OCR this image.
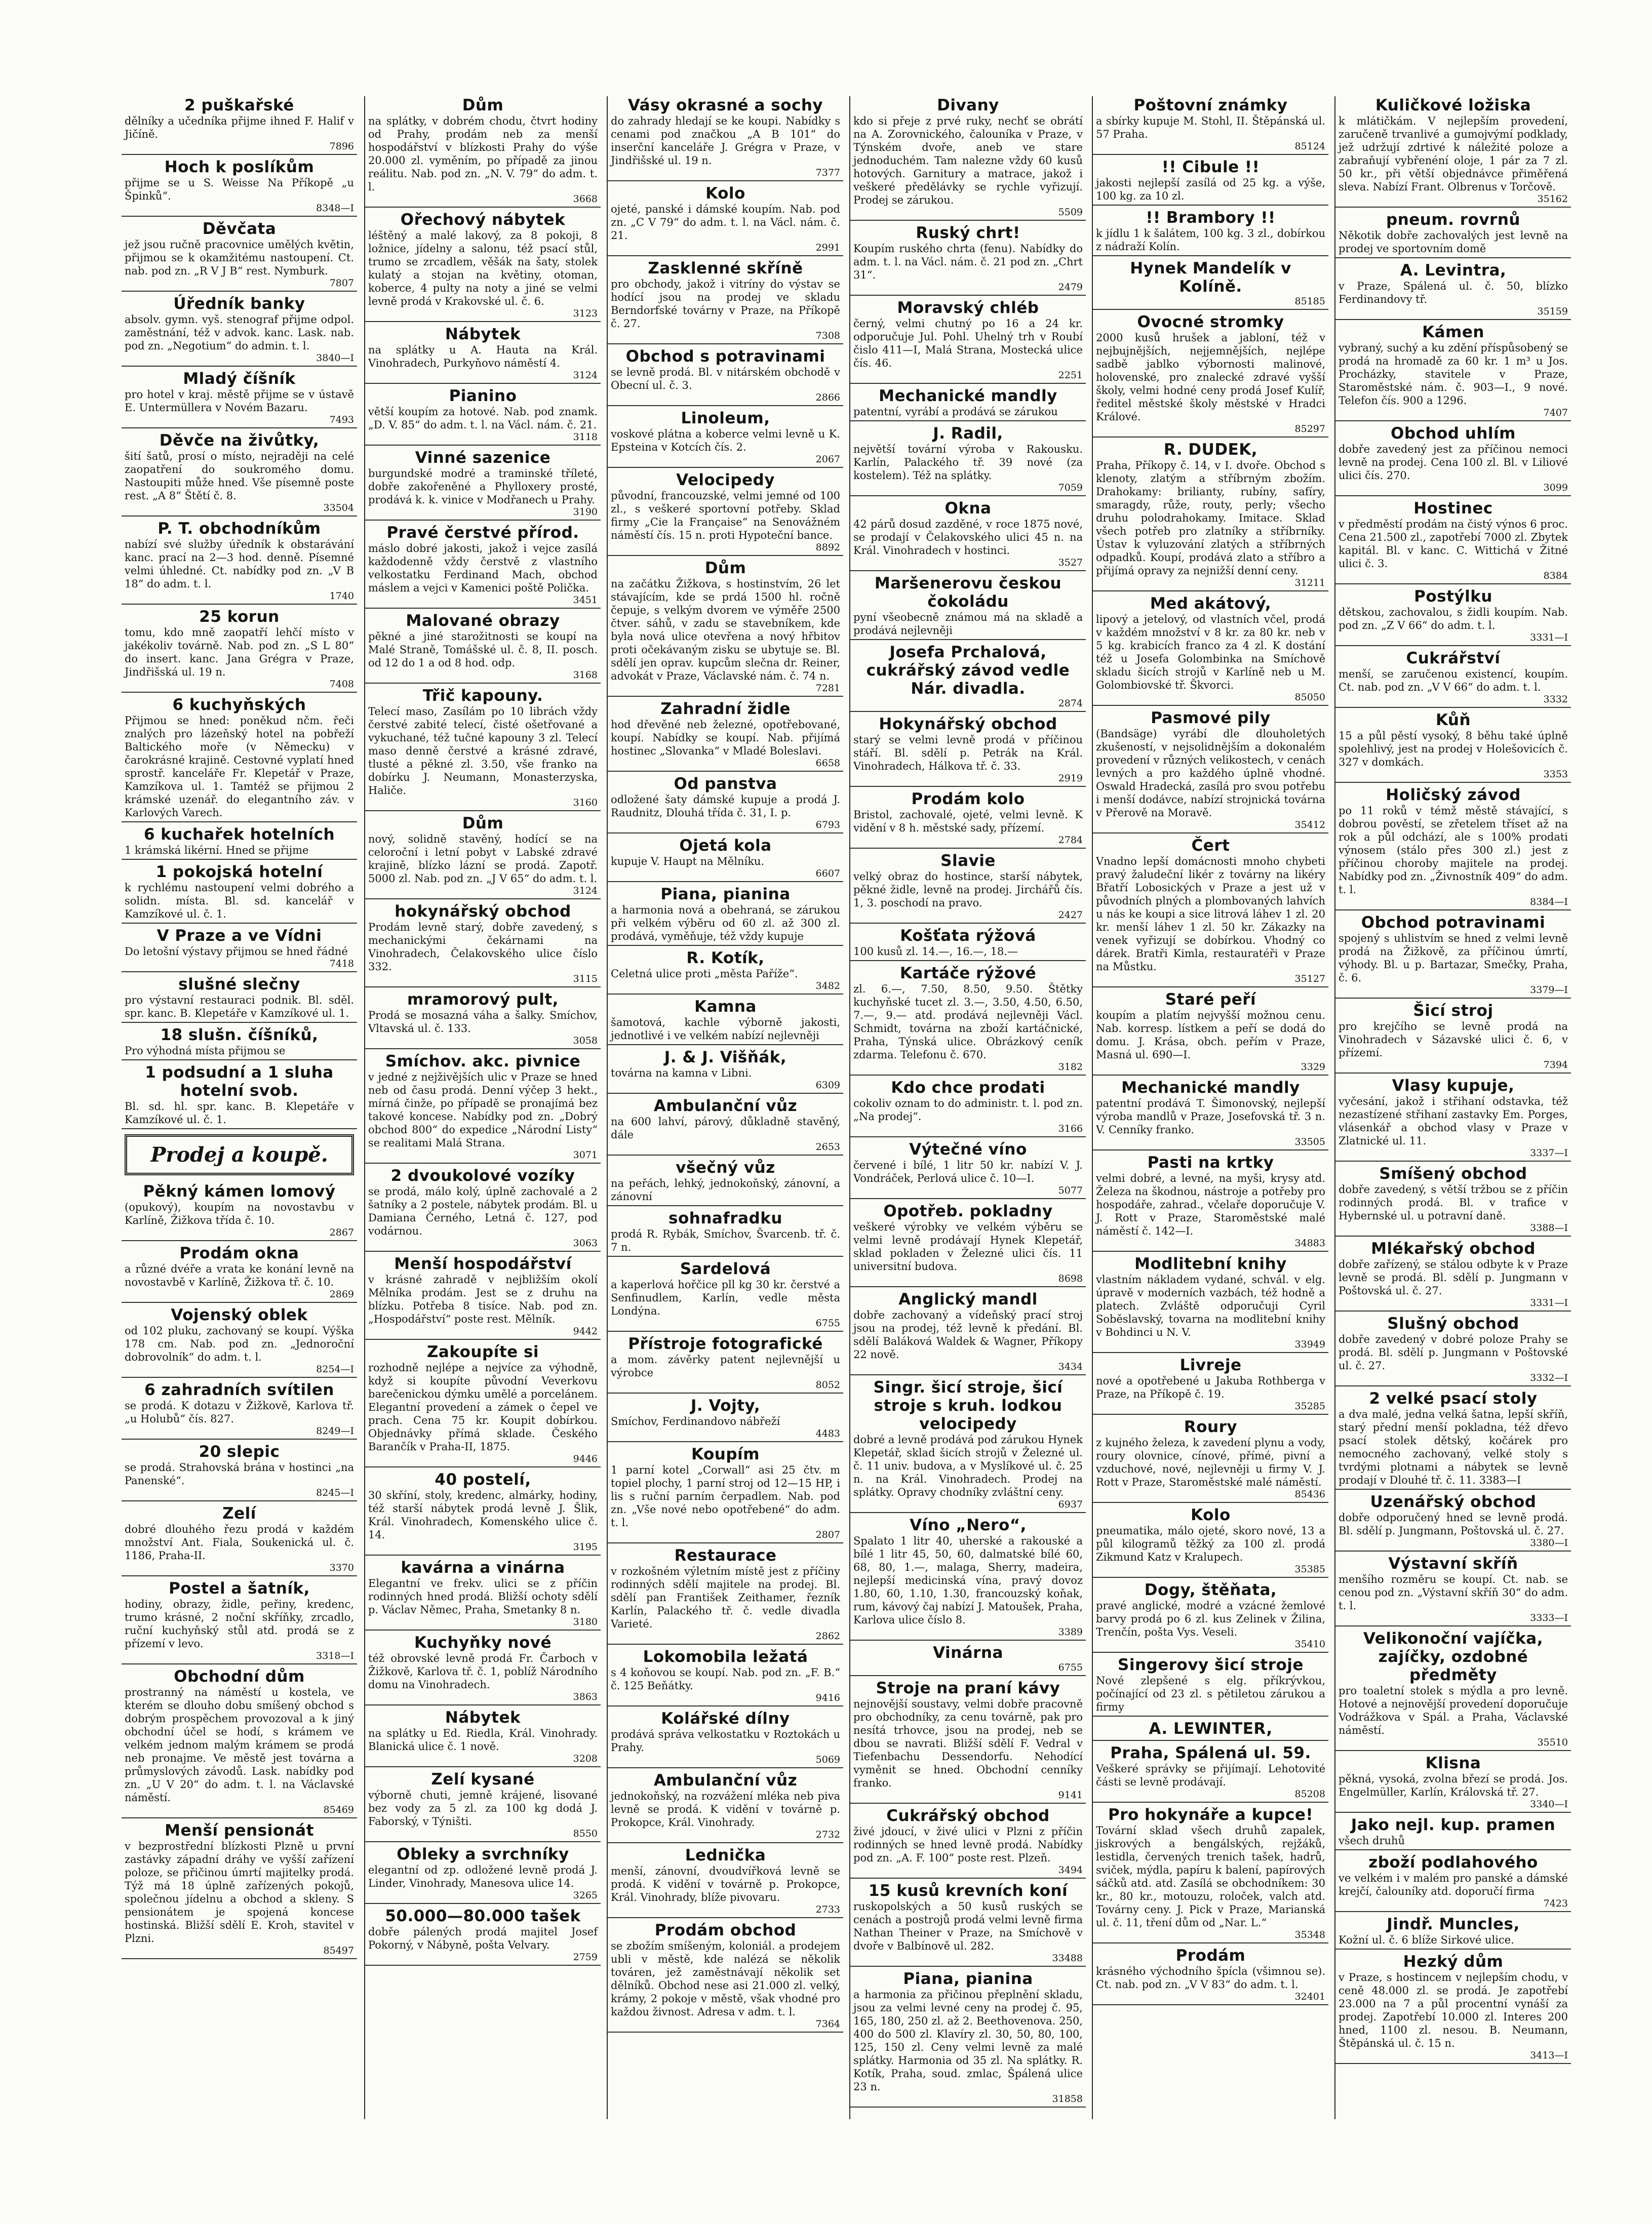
2 puškařské
dělníky a učedníka přijme ihned F. Halif v Jičíně.
7896
Hoch k poslíkům
přijme se u S. Weisse Na Příkopě „u Špinků“.
8348—I
Děvčata
jež jsou ručně pracovnice umělých květin, přijmou se k okamžitému nastoupení. Ct. nab. pod zn. „R V J B“ rest. Nymburk.
7807
Úředník banky
absolv. gymn. vyš. stenograf přijme odpol. zaměstnání, též v advok. kanc. Lask. nab. pod zn. „Negotium“ do admin. t. l.
3840—I
Mladý číšník
pro hotel v kraj. městě přijme se v ústavě E. Untermüllera v Novém Bazaru.
7493
Děvče na živůtky,
šití šatů, prosí o místo, nejraději na celé zaopatření do soukromého domu. Nastoupiti může hned. Vše písemně poste rest. „A 8“ Štětí č. 8.
33504
P. T. obchodníkům
nabízí své služby úředník k obstarávání kanc. prací na 2—3 hod. denně. Písemné velmi úhledné. Ct. nabídky pod zn. „V B 18“ do adm. t. l.
1740
25 korun
tomu, kdo mně zaopatří lehčí místo v jakékoliv továrně. Nab. pod zn. „S L 80“ do insert. kanc. Jana Grégra v Praze, Jindřišská ul. 19 n.
7408
6 kuchyňských
Přijmou se hned: poněkud nčm. řeči znalých pro lázeňský hotel na pobřeží Baltického moře (v Německu) v čarokrásné krajině. Cestovné vyplatí hned sprostř. kanceláře Fr. Klepetář v Praze, Kamzíkova ul. 1. Tamtéž se přijmou 2 krámské uzenář. do elegantního záv. v Karlových Varech.
6 kuchařek hotelních
1 krámská likérní. Hned se přijme
1 pokojská hotelní
k rychlému nastoupení velmi dobrého a solidn. místa. Bl. sd. kancelář v Kamzíkové ul. č. 1.
V Praze a ve Vídni
Do letošní výstavy přijmou se hned řádné
7418
slušné slečny
pro výstavní restauraci podnik. Bl. sděl. spr. kanc. B. Klepetáře v Kamzíkové ul. 1.
18 slušn. číšníků,
Pro výhodná místa přijmou se
1 podsudní a 1 sluha hotelní svob.
Bl. sd. hl. spr. kanc. B. Klepetáře v Kamzíkové ul. č. 1.
Prodej a koupě.
Pěkný kámen lomový
(opukový), koupím na novostavbu v Karlíně, Žižkova třída č. 10.
2867
Prodám okna
a různé dvéře a vrata ke konání levně na novostavbě v Karlíně, Žižkova tř. č. 10.
2869
Vojenský oblek
od 102 pluku, zachovaný se koupí. Výška 178 cm. Nab. pod zn. „Jednoroční dobrovolník“ do adm. t. l.
8254—I
6 zahradních svítilen
se prodá. K dotazu v Žižkově, Karlova tř. „u Holubů“ čís. 827.
8249—I
20 slepic
se prodá. Strahovská brána v hostinci „na Panenské“.
8245—I
Zelí
dobré dlouhého řezu prodá v každém množství Ant. Fiala, Soukenická ul. č. 1186, Praha-II.
3370
Postel a šatník,
hodiny, obrazy, židle, peřiny, kredenc, trumo krásné, 2 noční skříňky, zrcadlo, ruční kuchyňský stůl atd. prodá se z přízemí v levo.
3318—I
Obchodní dům
prostranný na náměstí u kostela, ve kterém se dlouho dobu smíšený obchod s dobrým prospěchem provozoval a k jiný obchodní účel se hodí, s krámem ve velkém jednom malým krámem se prodá neb pronajme. Ve městě jest továrna a průmyslových závodů. Lask. nabídky pod zn. „U V 20“ do adm. t. l. na Václavské náměstí.
85469
Menší pensionát
v bezprostřední blízkosti Plzně u první zastávky západní dráhy ve vyšší zařízení poloze, se přičinou úmrtí majitelky prodá. Týž má 18 úplně zařízených pokojů, společnou jídelnu a obchod a skleny. S pensionátem je spojená koncese hostinská. Bližší sdělí E. Kroh, stavitel v Plzni.
85497
Dům
na splátky, v dobrém chodu, čtvrt hodiny od Prahy, prodám neb za menší hospodářství v blízkosti Prahy do výše 20.000 zl. vyměním, po případě za jinou reálitu. Nab. pod zn. „N. V. 79“ do adm. t. l.
3668
Ořechový nábytek
léštěný a malé lakový, za 8 pokoji, 8 ložnice, jídelny a salonu, též psací stůl, trumo se zrcadlem, věšák na šaty, stolek kulatý a stojan na květiny, otoman, koberce, 4 pulty na noty a jiné se velmi levně prodá v Krakovské ul. č. 6.
3123
Nábytek
na splátky u A. Hauta na Král. Vinohradech, Purkyňovo náměstí 4.
3124
Pianino
větší koupím za hotové. Nab. pod znamk. „D. V. 85“ do adm. t. l. na Václ. nám. č. 21.
3118
Vinné sazenice
burgundské modré a traminské tříleté, dobře zakořeněné a Phylloxery prosté, prodává k. k. vinice v Modřanech u Prahy.
3190
Pravé čerstvé přírod.
máslo dobré jakosti, jakož i vejce zasílá každodenně vždy čerstvě z vlastního velkostatku Ferdinand Mach, obchod máslem a vejci v Kamenici poště Polička.
3451
Malované obrazy
pěkné a jiné starožitnosti se koupí na Malé Straně, Tomášské ul. č. 8, II. posch. od 12 do 1 a od 8 hod. odp.
3168
Třič kapouny.
Telecí maso, Zasílám po 10 librách vždy čerstvé zabité telecí, čisté ošetřované a vykuchané, též tučné kapouny 3 zl. Telecí maso denně čerstvé a krásné zdravé, tlusté a pěkné zl. 3.50, vše franko na dobírku J. Neumann, Monasterzyska, Haliče.
3160
Dům
nový, solidně stavěný, hodící se na celoroční i letní pobyt v Labské zdravé krajině, blízko lázní se prodá. Zapotř. 5000 zl. Nab. pod zn. „J V 65“ do adm. t. l.
3124
hokynářský obchod
Prodám levně starý, dobře zavedený, s mechanickými čekárnami na Vinohradech, Čelakovského ulice číslo 332.
3115
mramorový pult,
Prodá se mosazná váha a šalky. Smíchov, Vltavská ul. č. 133.
3058
Smíchov. akc. pivnice
v jedné z nejživějších ulic v Praze se hned neb od času prodá. Denní výčep 3 hekt., mírná činže, po případě se pronajímá bez takové koncese. Nabídky pod zn. „Dobrý obchod 800“ do expedice „Národní Listy“ se realitami Malá Strana.
3071
2 dvoukolové vozíky
se prodá, málo kolý, úplně zachovalé a 2 šatníky a 2 postele, nábytek prodám. Bl. u Damiana Černého, Letná č. 127, pod vodárnou.
3063
Menší hospodářství
v krásné zahradě v nejbližším okolí Mělníka prodám. Jest se z druhu na blízku. Potřeba 8 tisíce. Nab. pod zn. „Hospodářství“ poste rest. Mělník.
9442
Zakoupíte si
rozhodně nejlépe a nejvíce za výhodně, když si koupíte původní Veverkovu barečenickou dýmku umělé a porcelánem. Elegantní provedení a zámek o čepel ve prach. Cena 75 kr. Koupit dobírkou. Objednávky přímá sklade. Českého Barančík v Praha-II, 1875.
9446
40 postelí,
30 skříní, stoly, kredenc, almárky, hodiny, též starší nábytek prodá levně J. Šlik, Král. Vinohradech, Komenského ulice č. 14.
3195
kavárna a vinárna
Elegantní ve frekv. ulici se z příčin rodinných hned prodá. Bližší ochoty sdělí p. Václav Němec, Praha, Smetanky 8 n.
3180
Kuchyňky nové
též obrovské levně prodá Fr. Čarboch v Žižkově, Karlova tř. č. 1, poblíž Národního domu na Vinohradech.
3863
Nábytek
na splátky u Ed. Riedla, Král. Vinohrady. Blanická ulice č. 1 nově.
3208
Zelí kysané
výborně chuti, jemně krájené, lisované bez vody za 5 zl. za 100 kg dodá J. Faborský, v Týništi.
8550
Obleky a svrchníky
elegantní od zp. odložené levně prodá J. Linder, Vinohrady, Manesova ulice 14.
3265
50.000—80.000 tašek
dobře pálených prodá majitel Josef Pokorný, v Nábyně, pošta Velvary.
2759
Vásy okrasné a sochy
do zahrady hledají se ke koupi. Nabídky s cenami pod značkou „A B 101“ do inserční kanceláře J. Grégra v Praze, v Jindřišské ul. 19 n.
7377
Kolo
ojeté, panské i dámské koupím. Nab. pod zn. „C V 79“ do adm. t. l. na Václ. nám. č. 21.
2991
Zasklenné skříně
pro obchody, jakož i vitríny do výstav se hodící jsou na prodej ve skladu Berndorfské továrny v Praze, na Příkopě č. 27.
7308
Obchod s potravinami
se levně prodá. Bl. v nitárském obchodě v Obecní ul. č. 3.
2866
Linoleum,
voskové plátna a koberce velmi levně u K. Epsteina v Kotcích čís. 2.
2067
Velocipedy
původní, francouzské, velmi jemné od 100 zl., s veškeré sportovní potřeby. Sklad firmy „Cie la Française“ na Senovážném náměstí čís. 15 n. proti Hypoteční bance.
8892
Dům
na začátku Žižkova, s hostinstvím, 26 let stávajícím, kde se prdá 1500 hl. ročně čepuje, s velkým dvorem ve výměře 2500 čtver. sáhů, v zadu se stavebníkem, kde byla nová ulice otevřena a nový hřbitov proti očekávaným zisku se ubytuje se. Bl. sdělí jen oprav. kupcům slečna dr. Reiner, advokát v Praze, Václavské nám. č. 74 n.
7281
Zahradní židle
hod dřevěné neb železné, opotřebované, koupí. Nabídky se koupí. Nab. přijímá hostinec „Slovanka“ v Mladé Boleslavi.
6658
Od panstva
odložené šaty dámské kupuje a prodá J. Raudnitz, Dlouhá třída č. 31, I. p.
6793
Ojetá kola
kupuje V. Haupt na Mělníku.
6607
Piana, pianina
a harmonia nová a obehraná, se zárukou při velkém výběru od 60 zl. až 300 zl. prodává, vyměňuje, též vždy kupuje
R. Kotík,
Celetná ulice proti „města Paříže“.
3482
Kamna
šamotová, kachle výborně jakosti, jednotlivé i ve velkém nabízí nejlevněji
J. & J. Višňák,
továrna na kamna v Libni.
6309
Ambulanční vůz
na 600 lahví, párový, důkladně stavěný, dále
2653
všečný vůz
na peřách, lehký, jednokoňský, zánovní, a zánovní
sohnafradku
prodá R. Rybák, Smíchov, Švarcenb. tř. č. 7 n.
Sardelová
a kaperlová hořčice pll kg 30 kr. čerstvé a Senfinudlem, Karlín, vedle města Londýna.
6755
Přístroje fotografické
a mom. závěrky patent nejlevnější u výrobce
8052
J. Vojty,
Smíchov, Ferdinandovo nábřeží
4483
Koupím
1 parní kotel „Corwall“ asi 25 čtv. m topiel plochy, 1 parní stroj od 12—15 HP, i lis s ruční parním čerpadlem. Nab. pod zn. „Vše nové nebo opotřebené“ do adm. t. l.
2807
Restaurace
v rozkošném výletním místě jest z příčiny rodinných sdělí majitele na prodej. Bl. sdělí pan František Zeithamer, řezník Karlín, Palackého tř. č. vedle divadla Varieté.
2862
Lokomobila ležatá
s 4 koňovou se koupí. Nab. pod zn. „F. B.“ č. 125 Beňátky.
9416
Kolářské dílny
prodává správa velkostatku v Roztokách u Prahy.
5069
Ambulanční vůz
jednokoňský, na rozvážení mléka neb piva levně se prodá. K vidění v továrně p. Prokopce, Král. Vinohrady.
2732
Lednička
menší, zánovní, dvoudvířková levně se prodá. K vidění v továrně p. Prokopce, Král. Vinohrady, blíže pivovaru.
2733
Prodám obchod
se zbožím smíšeným, koloniál. a prodejem ubli v městě, kde nalézá se několik továren, jež zaměstnávají několik set dělníků. Obchod nese asi 21.000 zl. velký, krámy, 2 pokoje v městě, však vhodné pro každou živnost. Adresa v adm. t. l.
7364
Divany
kdo si přeje z prvé ruky, nechť se obrátí na A. Zorovnického, čalouníka v Praze, v Týnském dvoře, aneb ve stare jednoduchém. Tam nalezne vždy 60 kusů hotových. Garnitury a matrace, jakož i veškeré předělávky se rychle vyřizují. Prodej se zárukou.
5509
Ruský chrt!
Koupím ruského chrta (fenu). Nabídky do adm. t. l. na Václ. nám. č. 21 pod zn. „Chrt 31“.
2479
Moravský chléb
černý, velmi chutný po 16 a 24 kr. odporučuje Jul. Pohl. Uhelný trh v Roubí čislo 411—I, Malá Strana, Mostecká ulice čís. 46.
2251
Mechanické mandly
patentní, vyrábí a prodává se zárukou
J. Radil,
největší tovární výroba v Rakousku. Karlín, Palackého tř. 39 nové (za kostelem). Též na splátky.
7059
Okna
42 párů dosud zazděné, v roce 1875 nové, se prodají v Čelakovského ulici 45 n. na Král. Vinohradech v hostinci.
3527
Maršenerovu českou čokoládu
pyní všeobecně známou má na skladě a prodává nejlevněji
Josefa Prchalová, cukrářský závod vedle Nár. divadla.
2874
Hokynářský obchod
starý se velmi levně prodá v příčinou stáří. Bl. sdělí p. Petrák na Král. Vinohradech, Hálkova tř. č. 33.
2919
Prodám kolo
Bristol, zachovalé, ojeté, velmi levně. K vidění v 8 h. městské sady, přízemí.
2784
Slavie
velký obraz do hostince, starší nábytek, pěkné židle, levně na prodej. Jirchářů čís. 1, 3. poschodí na pravo.
2427
Košťata rýžová
100 kusů zl. 14.—, 16.—, 18.—
Kartáče rýžové
zl. 6.—, 7.50, 8.50, 9.50. Štětky kuchyňské tucet zl. 3.—, 3.50, 4.50, 6.50, 7.—, 9.— atd. prodává nejlevněji Václ. Schmidt, továrna na zboží kartáčnické, Praha, Týnská ulice. Obrázkový ceník zdarma. Telefonu č. 670.
3182
Kdo chce prodati
cokoliv oznam to do administr. t. l. pod zn. „Na prodej“.
3166
Výtečné víno
červené i bílé, 1 litr 50 kr. nabízí V. J. Vondráček, Perlová ulice č. 10—I.
5077
Opotřeb. pokladny
veškeré výrobky ve velkém výběru se velmi levně prodávají Hynek Klepetář, sklad pokladen v Železné ulici čís. 11 universitní budova.
8698
Anglický mandl
dobře zachovaný a vídeňský prací stroj jsou na prodej, též levně k předání. Bl. sdělí Baláková Waldek & Wagner, Příkopy 22 nově.
3434
Singr. šicí stroje, šicí stroje s kruh. lodkou velocipedy
dobré a levně prodává pod zárukou Hynek Klepetář, sklad šicích strojů v Železné ul. č. 11 univ. budova, a v Myslíkové ul. č. 25 n. na Král. Vinohradech. Prodej na splátky. Opravy chodníky zvláštní ceny.
6937
Víno „Nero“,
Spalato 1 litr 40, uherské a rakouské a bílé 1 litr 45, 50, 60, dalmatské bílé 60, 68, 80, 1.—, malaga, Sherry, madeira, nejlepší medicinská vína, pravý dovoz 1.80, 60, 1.10, 1.30, francouzský koňak, rum, kávový čaj nabízí J. Matoušek, Praha, Karlova ulice číslo 8.
3389
Vinárna
6755
Stroje na praní kávy
nejnovější soustavy, velmi dobře pracovně pro obchodníky, za cenu továrně, pak pro nesítá trhovce, jsou na prodej, neb se dbou se navrati. Bližší sdělí F. Vedral v Tiefenbachu Dessendorfu. Nehodící vyměnit se hned. Obchodní cenníky franko.
9141
Cukrářský obchod
živé jdoucí, v živé ulici v Plzni z příčin rodinných se hned levně prodá. Nabídky pod zn. „A. F. 100“ poste rest. Plzeň.
3494
15 kusů krevních koní
ruskopolských a 50 kusů ruských se cenách a postrojů prodá velmi levně firma Nathan Theiner v Praze, na Smíchově v dvoře v Balbínově ul. 282.
33488
Piana, pianina
a harmonia za přičinou přeplnění skladu, jsou za velmi levné ceny na prodej č. 95, 165, 180, 250 zl. až 2. Beethovenova. 250, 400 do 500 zl. Klavíry zl. 30, 50, 80, 100, 125, 150 zl. Ceny velmi levně za malé splátky. Harmonia od 35 zl. Na splátky. R. Kotík, Praha, soud. zmlac, Špálená ulice 23 n.
31858
Poštovní známky
a sbírky kupuje M. Stohl, II. Štěpánská ul. 57 Praha.
85124
!! Cibule !!
jakosti nejlepší zasílá od 25 kg. a výše, 100 kg. za 10 zl.
!! Brambory !!
k jídlu 1 k šalátem, 100 kg. 3 zl., dobírkou z nádraží Kolín.
Hynek Mandelík v Kolíně.
85185
Ovocné stromky
2000 kusů hrušek a jabloní, též v nejbujnějších, nejjemnějších, nejlépe sadbě jablko výbornosti malinové, holovenské, pro znalecké zdravé vyšší školy, velmi hodné ceny prodá Josef Kulíř, ředitel městské školy městské v Hradci Králové.
85297
R. DUDEK,
Praha, Příkopy č. 14, v I. dvoře. Obchod s klenoty, zlatým a stříbrným zbožím. Drahokamy: brilianty, rubíny, safíry, smaragdy, růže, routy, perly; všecho druhu polodrahokamy. Imitace. Sklad všech potřeb pro zlatníky a stříbrníky. Ústav k vyluzování zlatých a stříbrných odpadků. Koupí, prodává zlato a stříbro a přijímá opravy za nejnižší denní ceny.
31211
Med akátový,
lipový a jetelový, od vlastních včel, prodá v každém množství v 8 kr. za 80 kr. neb v 5 kg. krabicích franco za 4 zl. K dostání též u Josefa Golombinka na Smíchově skladu šicích strojů v Karlíně neb u M. Golombiovské tř. Škvorci.
85050
Pasmové pily
(Bandsäge) vyrábí dle dlouholetých zkušeností, v nejsolidnějším a dokonalém provedení v různých velikostech, v cenách levných a pro každého úplně vhodné. Oswald Hradecká, zasílá pro svou potřebu i menší dodávce, nabízí strojnická továrna v Přerově na Moravě.
35412
Čert
Vnadno lepší domácnosti mnoho chybeti pravý žaludeční likér z továrny na likéry Břatří Lobosických v Praze a jest už v původních plných a plombovaných lahvích u nás ke koupi a sice litrová láhev 1 zl. 20 kr. menší láhev 1 zl. 50 kr. Zákazky na venek vyřizují se dobírkou. Vhodný co dárek. Bratři Kimla, restauratéři v Praze na Můstku.
35127
Staré peří
koupím a platím nejvyšší možnou cenu. Nab. korresp. lístkem a peří se dodá do domu. J. Krása, obch. peřím v Praze, Masná ul. 690—I.
3329
Mechanické mandly
patentní prodává T. Šimonovský, nejlepší výroba mandlů v Praze, Josefovská tř. 3 n. V. Cenníky franko.
33505
Pasti na krtky
velmi dobré, a levné, na myši, krysy atd. Železa na škodnou, nástroje a potřeby pro hospodáře, zahrad., včelaře doporučuje V. J. Rott v Praze, Staroměstské malé náměstí č. 142—I.
34883
Modlitební knihy
vlastním nákladem vydané, schvál. v elg. úpravě v moderních vazbách, též hodně a platech. Zvláště odporučuji Cyril Soběslavský, tovarna na modlitební knihy v Bohdinci u N. V.
33949
Livreje
nové a opotřebené u Jakuba Rothberga v Praze, na Příkopě č. 19.
35285
Roury
z kujného železa, k zavedení plynu a vody, roury olovnice, cínové, přímé, pivní a vzduchové, nové, nejlevněji u firmy V. J. Rott v Praze, Staroměstské malé náměstí.
85436
Kolo
pneumatika, málo ojeté, skoro nové, 13 a půl kilogramů těžký za 100 zl. prodá Zikmund Katz v Kralupech.
35385
Dogy, štěňata,
pravé anglické, modré a vzácné žemlové barvy prodá po 6 zl. kus Zelinek v Žilina, Trenčín, pošta Vys. Veseli.
35410
Singerovy šicí stroje
Nové zlepšené s elg. příkrývkou, počínající od 23 zl. s pětiletou zárukou a firmy
A. LEWINTER,
Praha, Spálená ul. 59.
Veškeré správky se přijímají. Lehotovité části se levně prodávají.
85208
Pro hokynáře a kupce!
Tovární sklad všech druhů zapalek, jiskrových a bengálských, rejžáků, lestidla, červených trenich tašek, hadrů, sviček, mýdla, papíru k balení, papírových sáčků atd. atd. Zasílá se obchodníkem: 30 kr., 80 kr., motouzu, roloček, valch atd. Továrny ceny. J. Pick v Praze, Marianská ul. č. 11, tření dům od „Nar. L.“
35348
Prodám
krásného východního špícla (všimnou se). Ct. nab. pod zn. „V V 83“ do adm. t. l.
32401
Kuličkové ložiska
k mlátičkám. V nejlepším provedení, zaručeně trvanlivé a gumojvýmí podklady, jež udržují zdrtivé k náležité poloze a zabraňují vybřenéní oloje, 1 pár za 7 zl. 50 kr., při větší objednávce přiměřená sleva. Nabízí Frant. Olbrenus v Torčově.
35162
pneum. rovrnů
Někotik dobře zachovalých jest levně na prodej ve sportovním domě
A. Levintra,
v Praze, Spálená ul. č. 50, blízko Ferdinandovy tř.
35159
Kámen
vybraný, suchý a ku zdění příspůsobený se prodá na hromadě za 60 kr. 1 m³ u Jos. Procházky, stavitele v Praze, Staroměstské nám. č. 903—I., 9 nové. Telefon čís. 900 a 1296.
7407
Obchod uhlím
dobře zavedený jest za příčinou nemoci levně na prodej. Cena 100 zl. Bl. v Liliové ulici čís. 270.
3099
Hostinec
v předměstí prodám na čistý výnos 6 proc. Cena 21.500 zl., zapotřebí 7000 zl. Zbytek kapitál. Bl. v kanc. C. Wittichá v Žitné ulici č. 3.
8384
Postýlku
dětskou, zachovalou, s židli koupím. Nab. pod zn. „Z V 66“ do adm. t. l.
3331—I
Cukrářství
menší, se zaručenou existencí, koupím. Ct. nab. pod zn. „V V 66“ do adm. t. l.
3332
Kůň
15 a půl pěstí vysoký, 8 běhu také úplně spolehlivý, jest na prodej v Holešovicích č. 327 v domkách.
3353
Holičský závod
po 11 roků v témž městě stávající, s dobrou pověstí, se zřetelem tříset až na rok a půl odchází, ale s 100% prodati výnosem (stálo přes 300 zl.) jest z příčinou choroby majitele na prodej. Nabídky pod zn. „Živnostník 409“ do adm. t. l.
8384—I
Obchod potravinami
spojený s uhlistvím se hned z velmi levně prodá na Žižkově, za příčinou úmrtí, výhody. Bl. u p. Bartazar, Smečky, Praha, č. 6.
3379—I
Šicí stroj
pro krejčího se levně prodá na Vinohradech v Sázavské ulici č. 6, v přízemí.
7394
Vlasy kupuje,
vyčesání, jakož i střihaní odstavka, též nezastízené střihaní zastavky Em. Porges, vlásenkář a obchod vlasy v Praze v Zlatnické ul. 11.
3337—I
Smíšený obchod
dobře zavedený, s větší tržbou se z příčin rodinných prodá. Bl. v trafice v Hybernské ul. u potravní daně.
3388—I
Mlékařský obchod
dobře zařízený, se stálou odbyte k v Praze levně se prodá. Bl. sdělí p. Jungmann v Poštovská ul. č. 27.
3331—I
Slušný obchod
dobře zavedený v dobré poloze Prahy se prodá. Bl. sdělí p. Jungmann v Poštovské ul. č. 27.
3332—I
2 velké psací stoly
a dva malé, jedna velká šatna, lepší skříň, starý přední menší pokladna, též dřevo psací stolek dětský, kočárek pro nemocného zachovaný, velké stoly s tvrdými plotnami a nábytek se levně prodají v Dlouhé tř. č. 11. 3383—I
Uzenářský obchod
dobře odporučený hned se levně prodá. Bl. sdělí p. Jungmann, Poštovská ul. č. 27.
3380—I
Výstavní skříň
menšího rozměru se koupí. Ct. nab. se cenou pod zn. „Výstavní skříň 30“ do adm. t. l.
3333—I
Velikonoční vajíčka, zajíčky, ozdobné předměty
pro toaletní stolek s mýdla a pro levně. Hotové a nejnovější provedení doporučuje Vodrážkova v Spál. a Praha, Václavské náměstí.
35510
Klisna
pěkná, vysoká, zvolna březí se prodá. Jos. Engelmüller, Karlín, Královská tř. 27.
3340—I
Jako nejl. kup. pramen
všech druhů
zboží podlahového
ve velkém i v malém pro panské a dámské krejčí, čalouníky atd. doporučí firma
7423
Jindř. Muncles,
Kožní ul. č. 6 blíže Sirkové ulice.
Hezký dům
v Praze, s hostincem v nejlepším chodu, v ceně 48.000 zl. se prodá. Je zapotřebí 23.000 na 7 a půl procentní vynáší za prodej. Zapotřebí 10.000 zl. Interes 200 hned, 1100 zl. nesou. B. Neumann, Štěpánská ul. č. 15 n.
3413—I
